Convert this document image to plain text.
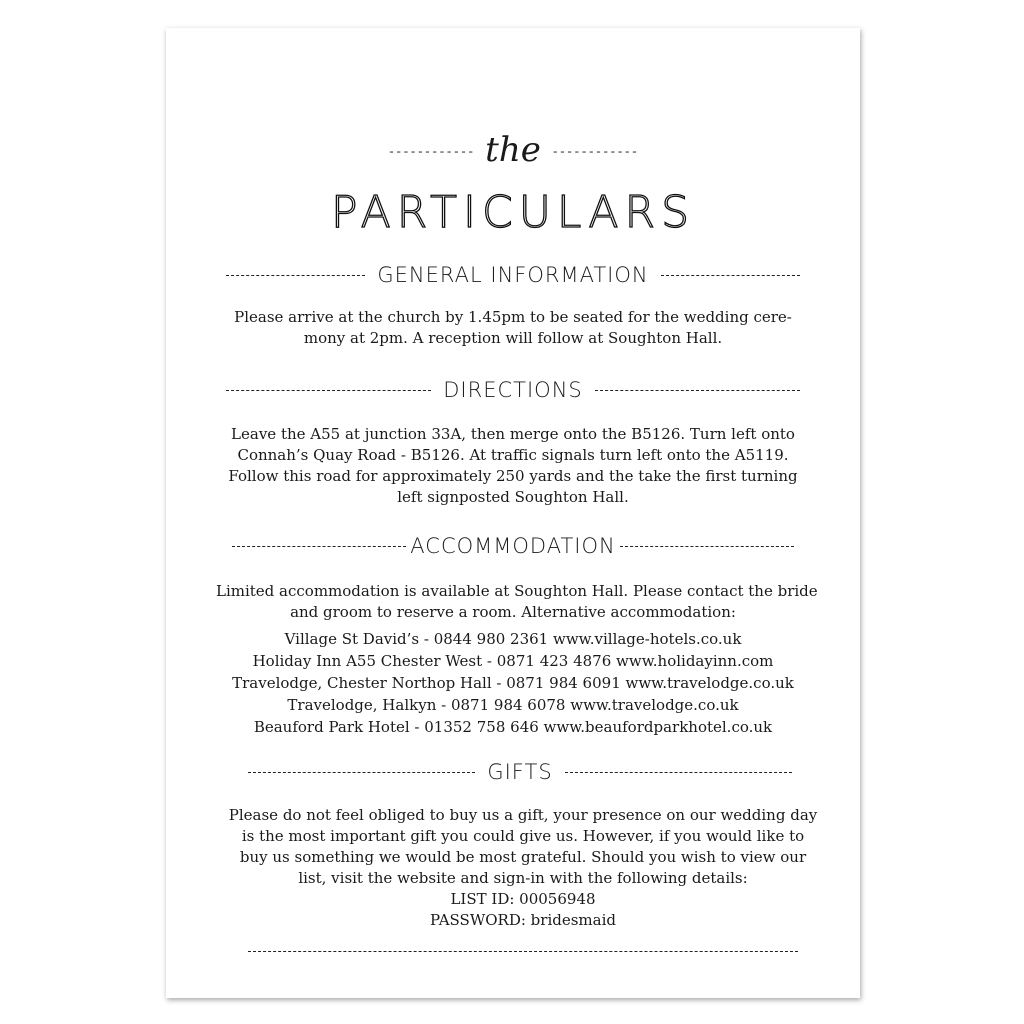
------------ the ------------
PARTICULARS
GENERAL INFORMATION
Please arrive at the church by 1.45pm to be seated for the wedding cere-
mony at 2pm. A reception will follow at Soughton Hall.
DIRECTIONS
Leave the A55 at junction 33A, then merge onto the B5126. Turn left onto
Connah’s Quay Road - B5126. At traffic signals turn left onto the A5119.
Follow this road for approximately 250 yards and the take the first turning
left signposted Soughton Hall.
ACCOMMODATION
Limited accommodation is available at Soughton Hall. Please contact the bride
and groom to reserve a room. Alternative accommodation:
Village St David’s - 0844 980 2361 www.village-hotels.co.uk
Holiday Inn A55 Chester West - 0871 423 4876 www.holidayinn.com
Travelodge, Chester Northop Hall - 0871 984 6091 www.travelodge.co.uk
Travelodge, Halkyn - 0871 984 6078 www.travelodge.co.uk
Beauford Park Hotel - 01352 758 646 www.beaufordparkhotel.co.uk
GIFTS
Please do not feel obliged to buy us a gift, your presence on our wedding day
is the most important gift you could give us. However, if you would like to
buy us something we would be most grateful. Should you wish to view our
list, visit the website and sign-in with the following details:
LIST ID: 00056948
PASSWORD: bridesmaid
